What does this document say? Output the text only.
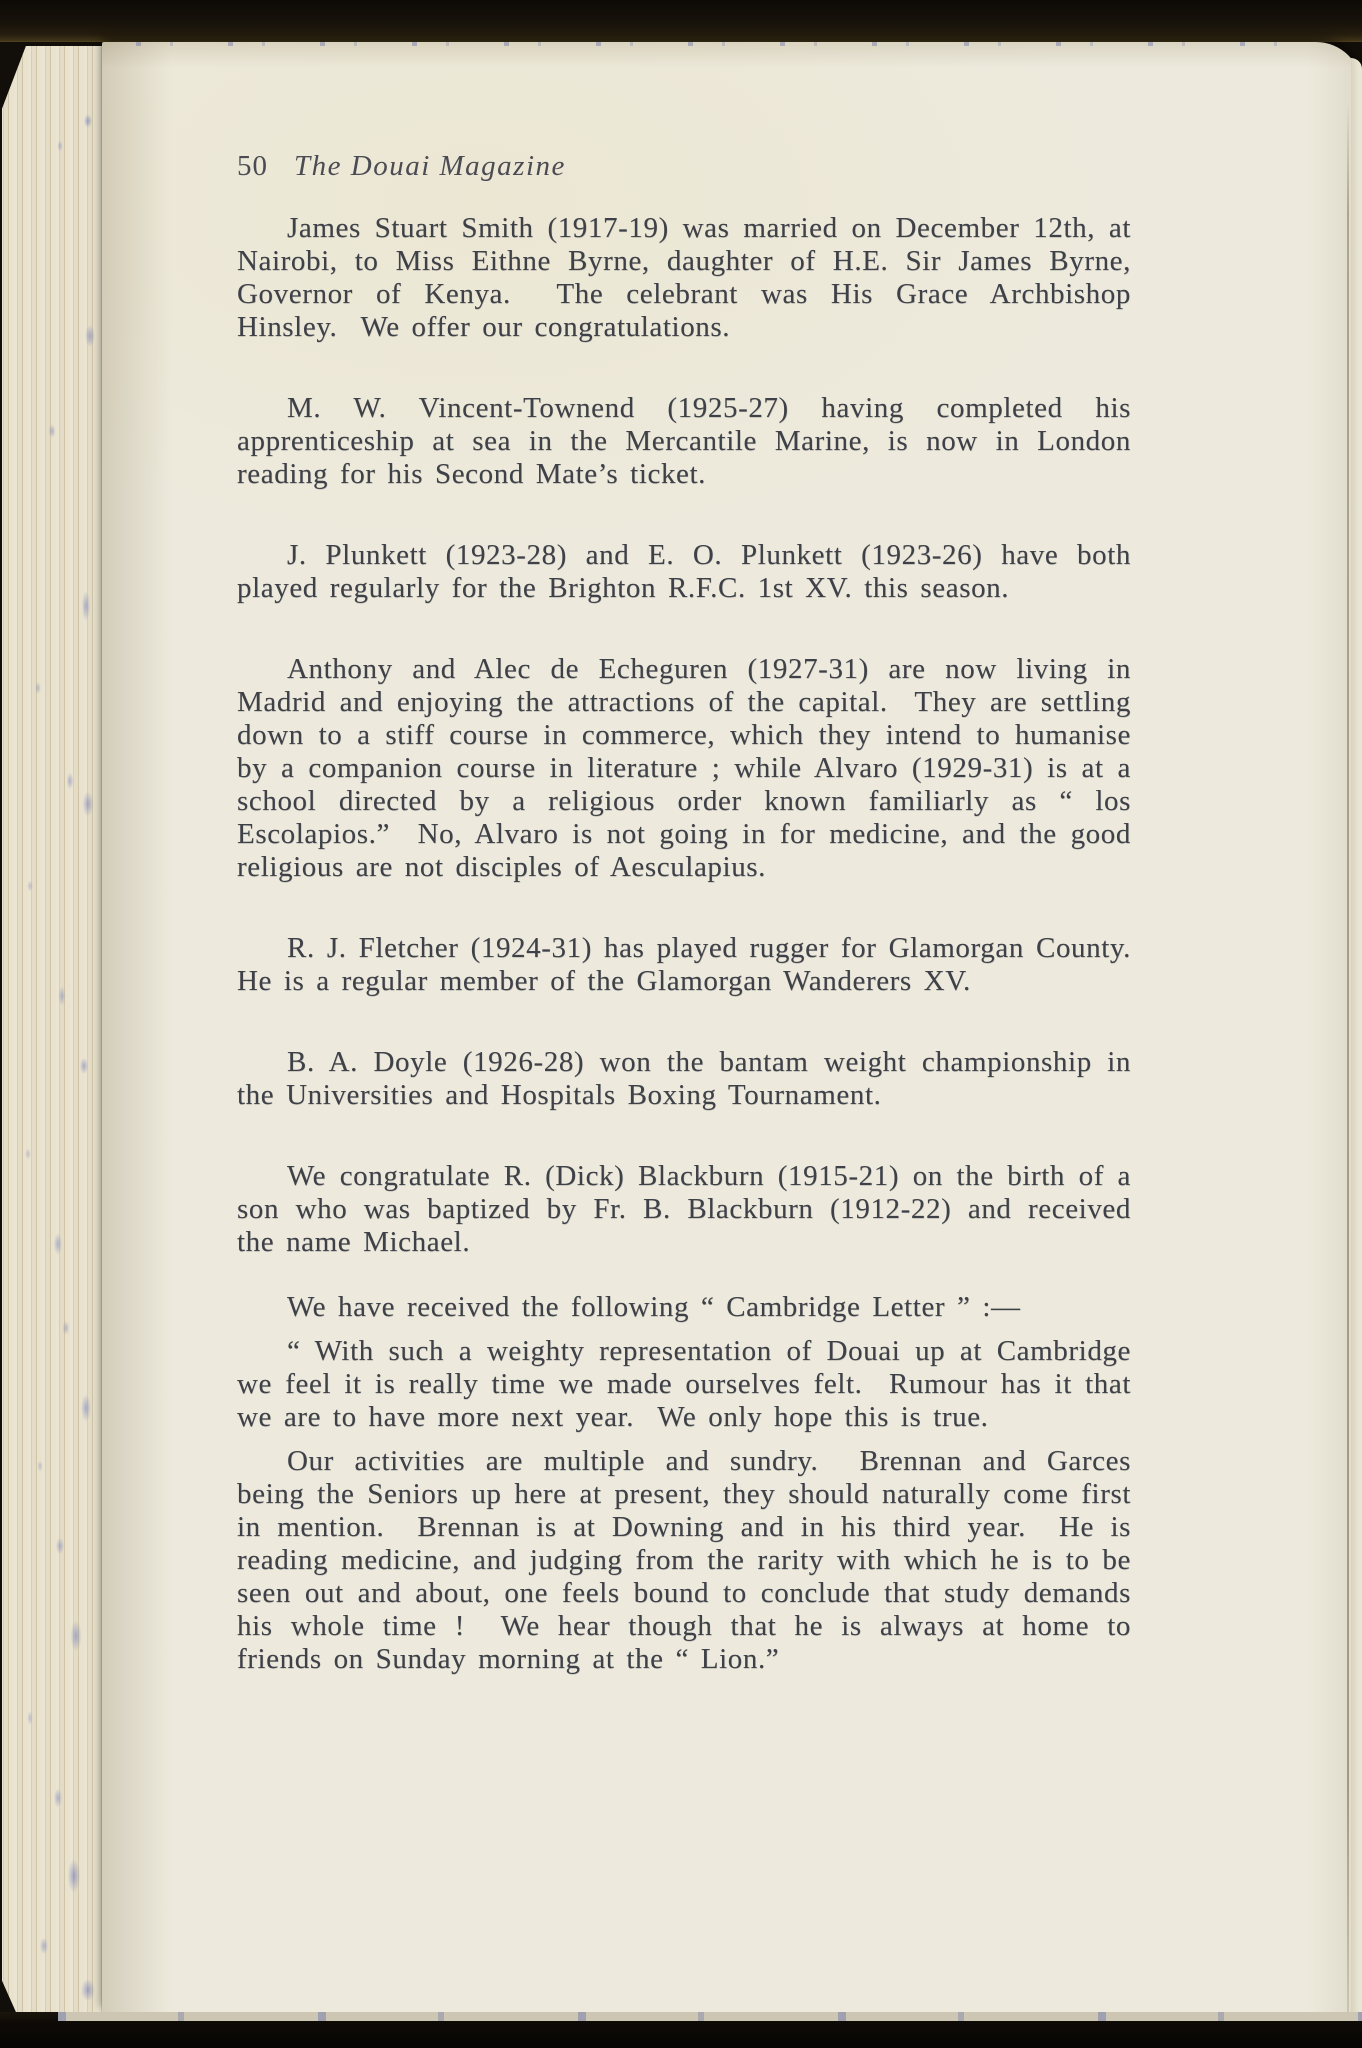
50 The Douai Magazine

James Stuart Smith (1917-19) was married on December 12th, at Nairobi, to Miss Eithne Byrne, daughter of H.E. Sir James Byrne, Governor of Kenya.  The celebrant was His Grace Archbishop Hinsley.  We offer our congratulations.

M. W. Vincent-Townend (1925-27) having completed his apprenticeship at sea in the Mercantile Marine, is now in London reading for his Second Mate’s ticket.

J. Plunkett (1923-28) and E. O. Plunkett (1923-26) have both played regularly for the Brighton R.F.C. 1st XV. this season.

Anthony and Alec de Echeguren (1927-31) are now living in Madrid and enjoying the attractions of the capital.  They are settling down to a stiff course in commerce, which they intend to humanise by a companion course in literature ; while Alvaro (1929-31) is at a school directed by a religious order known familiarly as “ los Escolapios.”  No, Alvaro is not going in for medicine, and the good religious are not disciples of Aesculapius.

R. J. Fletcher (1924-31) has played rugger for Glamorgan County.  He is a regular member of the Glamorgan Wanderers XV.

B. A. Doyle (1926-28) won the bantam weight championship in the Universities and Hospitals Boxing Tournament.

We congratulate R. (Dick) Blackburn (1915-21) on the birth of a son who was baptized by Fr. B. Blackburn (1912-22) and received the name Michael.

We have received the following “ Cambridge Letter ” :—

“ With such a weighty representation of Douai up at Cambridge we feel it is really time we made ourselves felt.  Rumour has it that we are to have more next year.  We only hope this is true.

Our activities are multiple and sundry.  Brennan and Garces being the Seniors up here at present, they should naturally come first in mention.  Brennan is at Downing and in his third year.  He is reading medicine, and judging from the rarity with which he is to be seen out and about, one feels bound to conclude that study demands his whole time !  We hear though that he is always at home to friends on Sunday morning at the “ Lion.”
